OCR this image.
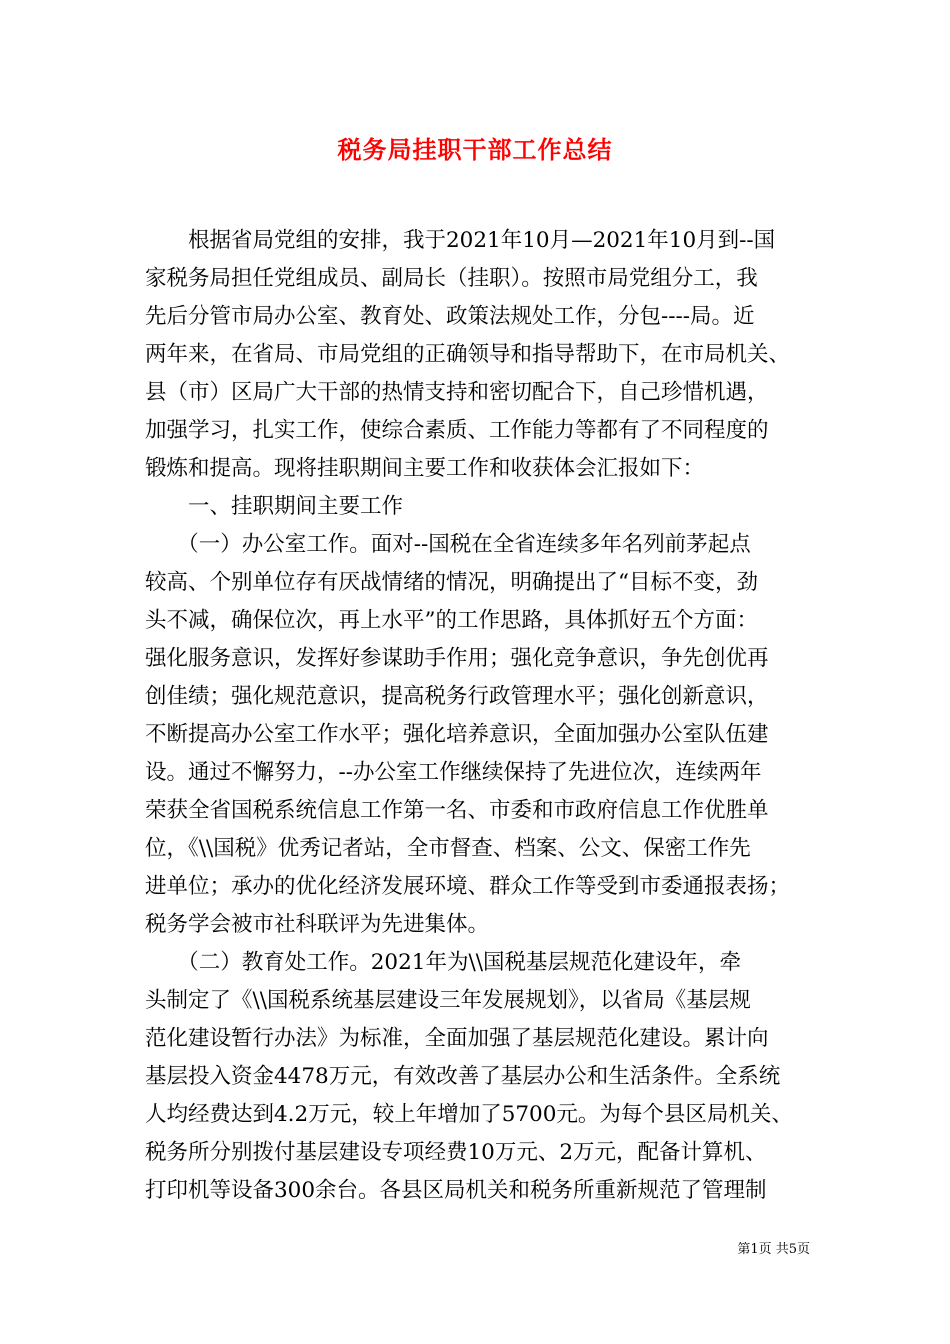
税务局挂职干部工作总结
　　根据省局党组的安排，我于2021年10月—2021年10月到--国
家税务局担任党组成员、副局长（挂职）。按照市局党组分工，我
先后分管市局办公室、教育处、政策法规处工作，分包----局。近
两年来，在省局、市局党组的正确领导和指导帮助下，在市局机关、
县（市）区局广大干部的热情支持和密切配合下，自己珍惜机遇，
加强学习，扎实工作，使综合素质、工作能力等都有了不同程度的
锻炼和提高。现将挂职期间主要工作和收获体会汇报如下：
　　一、挂职期间主要工作
　　（一）办公室工作。面对--国税在全省连续多年名列前茅起点
较高、个别单位存有厌战情绪的情况，明确提出了“目标不变，劲
头不减，确保位次，再上水平”的工作思路，具体抓好五个方面：
强化服务意识，发挥好参谋助手作用；强化竞争意识，争先创优再
创佳绩；强化规范意识，提高税务行政管理水平；强化创新意识，
不断提高办公室工作水平；强化培养意识，全面加强办公室队伍建
设。通过不懈努力，--办公室工作继续保持了先进位次，连续两年
荣获全省国税系统信息工作第一名、市委和市政府信息工作优胜单
位，《\\国税》优秀记者站，全市督查、档案、公文、保密工作先
进单位；承办的优化经济发展环境、群众工作等受到市委通报表扬；
税务学会被市社科联评为先进集体。
　　（二）教育处工作。2021年为\\国税基层规范化建设年，牵
头制定了《\\国税系统基层建设三年发展规划》，以省局《基层规
范化建设暂行办法》为标准，全面加强了基层规范化建设。累计向
基层投入资金4478万元，有效改善了基层办公和生活条件。全系统
人均经费达到4.2万元，较上年增加了5700元。为每个县区局机关、
税务所分别拨付基层建设专项经费10万元、2万元，配备计算机、
打印机等设备300余台。各县区局机关和税务所重新规范了管理制
第1页 共5页
